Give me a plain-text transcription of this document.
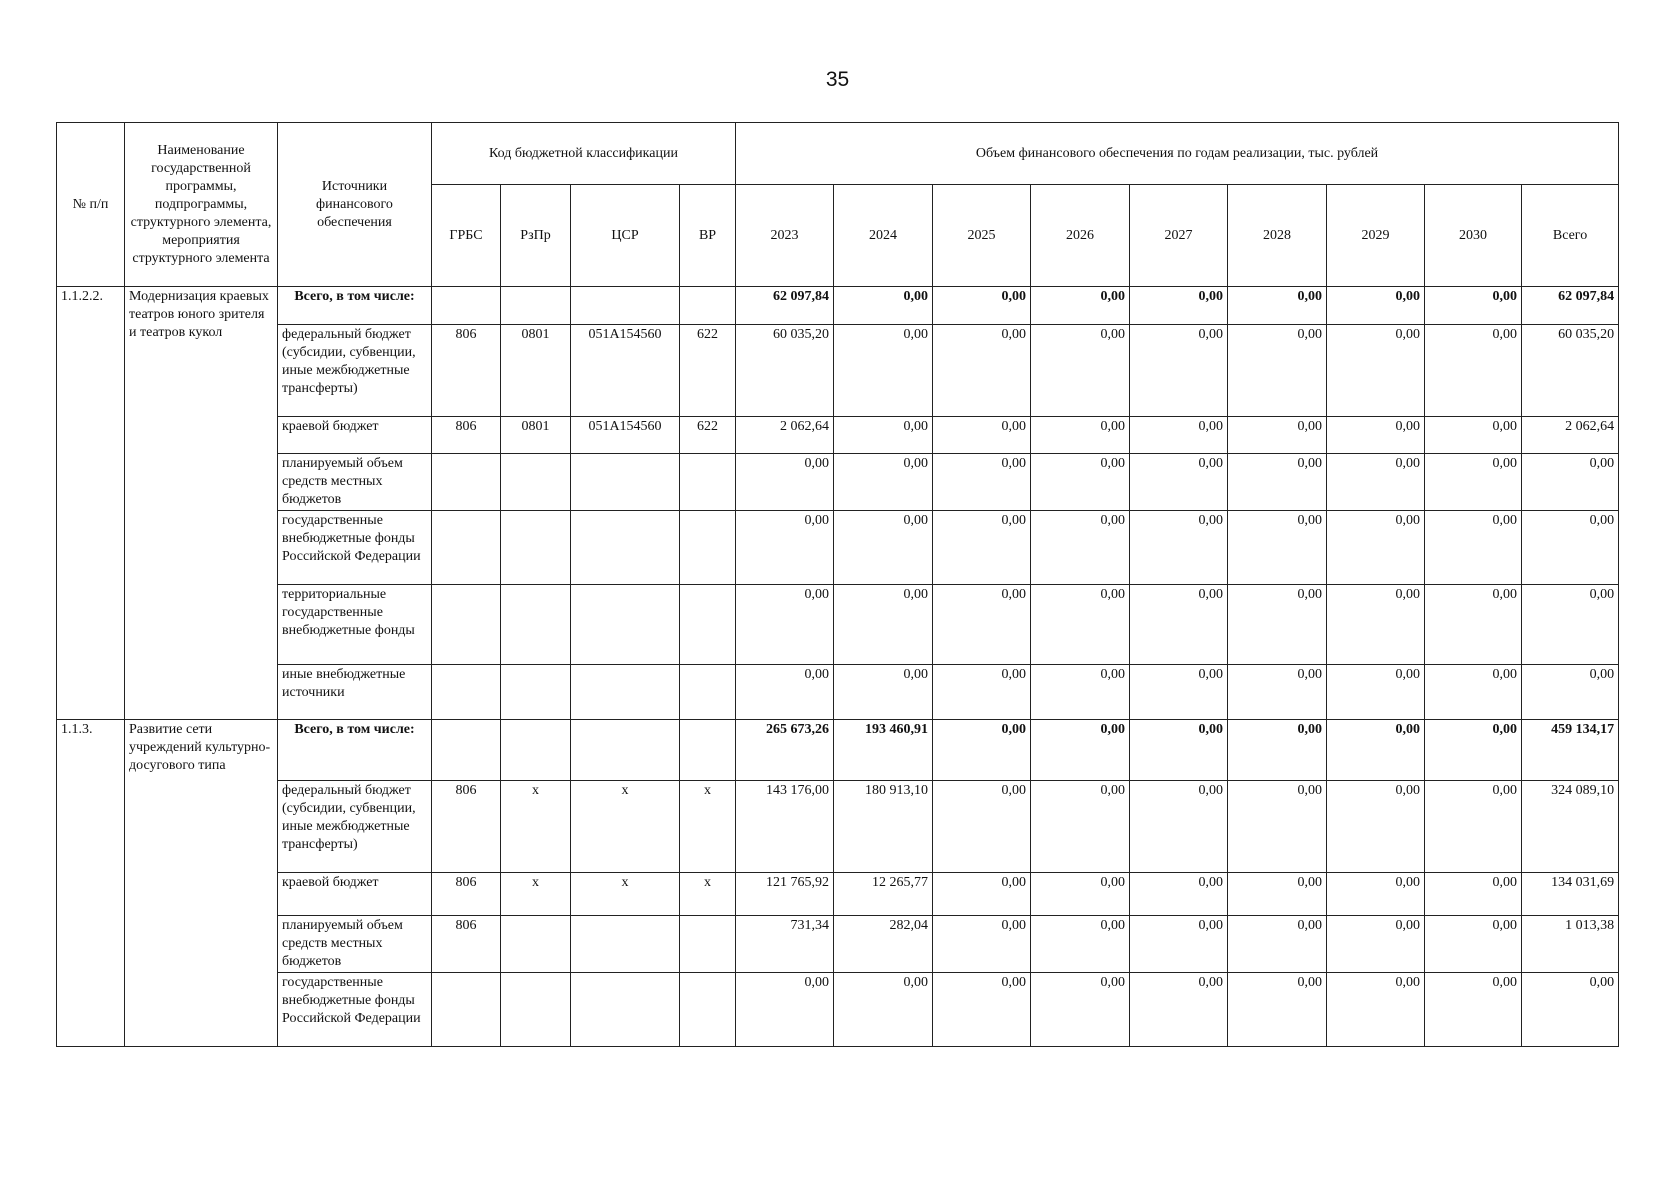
35
№ п/п	Наименование государственной программы, подпрограммы, структурного элемента, мероприятия структурного элемента	Источники финансового обеспечения	Код бюджетной классификации				Объем финансового обеспечения по годам реализации, тыс. рублей								
			ГРБС	РзПр	ЦСР	ВР	2023	2024	2025	2026	2027	2028	2029	2030	Всего
1.1.2.2.	Модернизация краевых театров юного зрителя и театров кукол	Всего, в том числе:					62 097,84	0,00	0,00	0,00	0,00	0,00	0,00	0,00	62 097,84
		федеральный бюджет (субсидии, субвенции, иные межбюджетные трансферты)	806	0801	051A154560	622	60 035,20	0,00	0,00	0,00	0,00	0,00	0,00	0,00	60 035,20
		краевой бюджет	806	0801	051A154560	622	2 062,64	0,00	0,00	0,00	0,00	0,00	0,00	0,00	2 062,64
		планируемый объем средств местных бюджетов					0,00	0,00	0,00	0,00	0,00	0,00	0,00	0,00	0,00
		государственные внебюджетные фонды Российской Федерации					0,00	0,00	0,00	0,00	0,00	0,00	0,00	0,00	0,00
		территориальные государственные внебюджетные фонды					0,00	0,00	0,00	0,00	0,00	0,00	0,00	0,00	0,00
		иные внебюджетные источники					0,00	0,00	0,00	0,00	0,00	0,00	0,00	0,00	0,00
1.1.3.	Развитие сети учреждений культурно-досугового типа	Всего, в том числе:					265 673,26	193 460,91	0,00	0,00	0,00	0,00	0,00	0,00	459 134,17
		федеральный бюджет (субсидии, субвенции, иные межбюджетные трансферты)	806	х	х	х	143 176,00	180 913,10	0,00	0,00	0,00	0,00	0,00	0,00	324 089,10
		краевой бюджет	806	х	х	х	121 765,92	12 265,77	0,00	0,00	0,00	0,00	0,00	0,00	134 031,69
		планируемый объем средств местных бюджетов	806				731,34	282,04	0,00	0,00	0,00	0,00	0,00	0,00	1 013,38
		государственные внебюджетные фонды Российской Федерации					0,00	0,00	0,00	0,00	0,00	0,00	0,00	0,00	0,00
